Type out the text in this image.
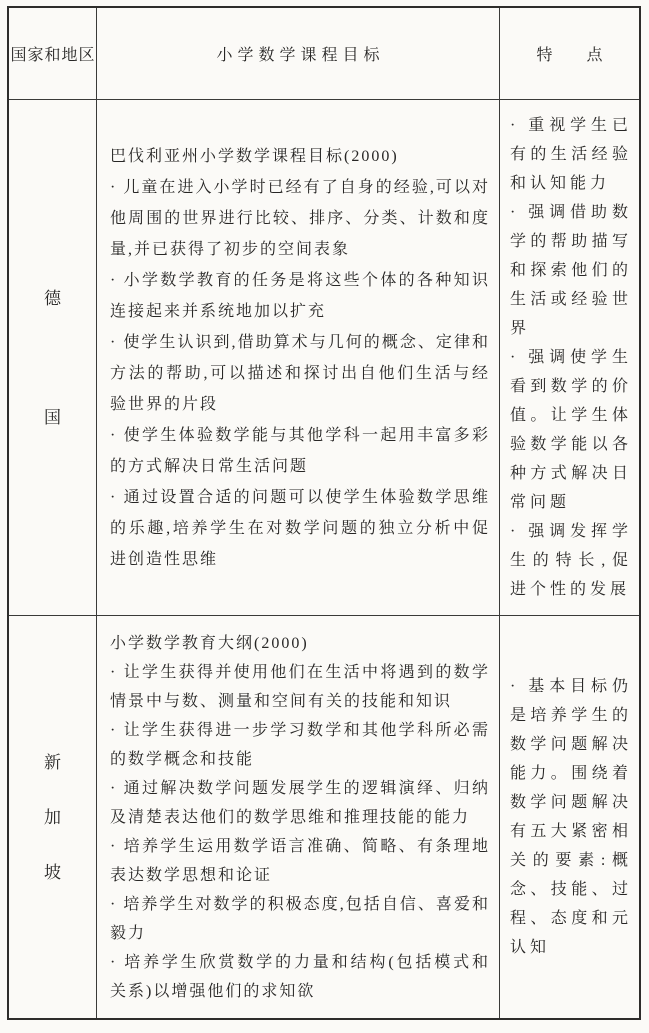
国家和地区	小学数学课程目标	特点
德
国

巴伐利亚州小学数学课程目标(2000)

· 儿童在进入小学时已经有了自身的经验,可以对他周围的世界进行比较、排序、分类、计数和度量,并已获得了初步的空间表象

· 小学数学教育的任务是将这些个体的各种知识连接起来并系统地加以扩充

· 使学生认识到,借助算术与几何的概念、定律和方法的帮助,可以描述和探讨出自他们生活与经验世界的片段

· 使学生体验数学能与其他学科一起用丰富多彩的方式解决日常生活问题

· 通过设置合适的问题可以使学生体验数学思维的乐趣,培养学生在对数学问题的独立分析中促进创造性思维

· 重视学生已有的生活经验和认知能力

· 强调借助数学的帮助描写和探索他们的生活或经验世界

· 强调使学生看到数学的价值。让学生体验数学能以各种方式解决日常问题

· 强调发挥学生的特长,促进个性的发展

新
加
坡

小学数学教育大纲(2000)

· 让学生获得并使用他们在生活中将遇到的数学情景中与数、测量和空间有关的技能和知识

· 让学生获得进一步学习数学和其他学科所必需的数学概念和技能

· 通过解决数学问题发展学生的逻辑演绎、归纳及清楚表达他们的数学思维和推理技能的能力

· 培养学生运用数学语言准确、简略、有条理地表达数学思想和论证

· 培养学生对数学的积极态度,包括自信、喜爱和毅力

· 培养学生欣赏数学的力量和结构(包括模式和关系)以增强他们的求知欲

· 基本目标仍是培养学生的数学问题解决能力。围绕着数学问题解决有五大紧密相关的要素:概念、技能、过程、态度和元认知
